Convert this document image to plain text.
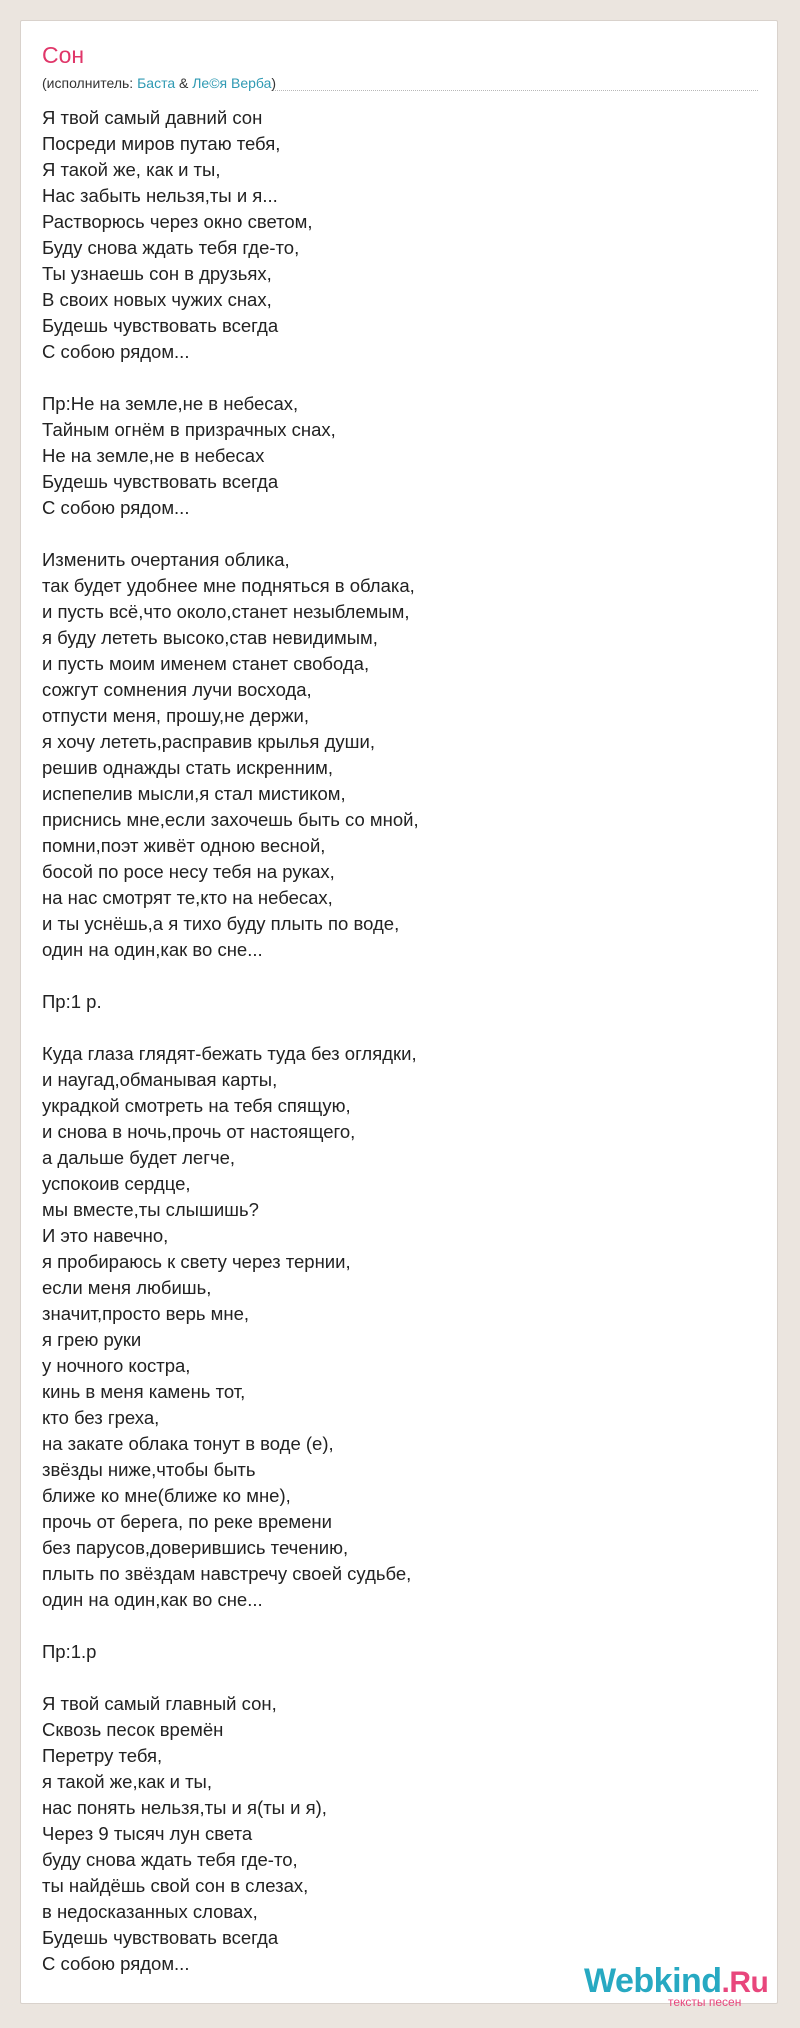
Сон
(исполнитель: Баста & Ле©я Верба)
Я твой самый давний сон
Посреди миров путаю тебя,
Я такой же, как и ты,
Нас забыть нельзя,ты и я...
Растворюсь через окно светом,
Буду снова ждать тебя где-то,
Ты узнаешь сон в друзьях,
В своих новых чужих снах,
Будешь чувствовать всегда
С собою рядом...
Пр:Не на земле,не в небесах,
Тайным огнём в призрачных снах,
Не на земле,не в небесах
Будешь чувствовать всегда
С собою рядом...
Изменить очертания облика,
так будет удобнее мне подняться в облака,
и пусть всё,что около,станет незыблемым,
я буду лететь высоко,став невидимым,
и пусть моим именем станет свобода,
сожгут сомнения лучи восхода,
отпусти меня, прошу,не держи,
я хочу лететь,расправив крылья души,
решив однажды стать искренним,
испепелив мысли,я стал мистиком,
приснись мне,если захочешь быть со мной,
помни,поэт живёт одною весной,
босой по росе несу тебя на руках,
на нас смотрят те,кто на небесах,
и ты уснёшь,а я тихо буду плыть по воде,
один на один,как во сне...
Пр:1 р.
Куда глаза глядят-бежать туда без оглядки,
и наугад,обманывая карты,
украдкой смотреть на тебя спящую,
и снова в ночь,прочь от настоящего,
а дальше будет легче,
успокоив сердце,
мы вместе,ты слышишь?
И это навечно,
я пробираюсь к свету через тернии,
если меня любишь,
значит,просто верь мне,
я грею руки
у ночного костра,
кинь в меня камень тот,
кто без греха,
на закате облака тонут в воде (е),
звёзды ниже,чтобы быть
ближе ко мне(ближе ко мне),
прочь от берега, по реке времени
без парусов,доверившись течению,
плыть по звёздам навстречу своей судьбе,
один на один,как во сне...
Пр:1.р
Я твой самый главный сон,
Сквозь песок времён
Перетру тебя,
я такой же,как и ты,
нас понять нельзя,ты и я(ты и я),
Через 9 тысяч лун света
буду снова ждать тебя где-то,
ты найдёшь свой сон в слезах,
в недосказанных словах,
Будешь чувствовать всегда
С собою рядом...	Webkind.Ru
тексты песен
